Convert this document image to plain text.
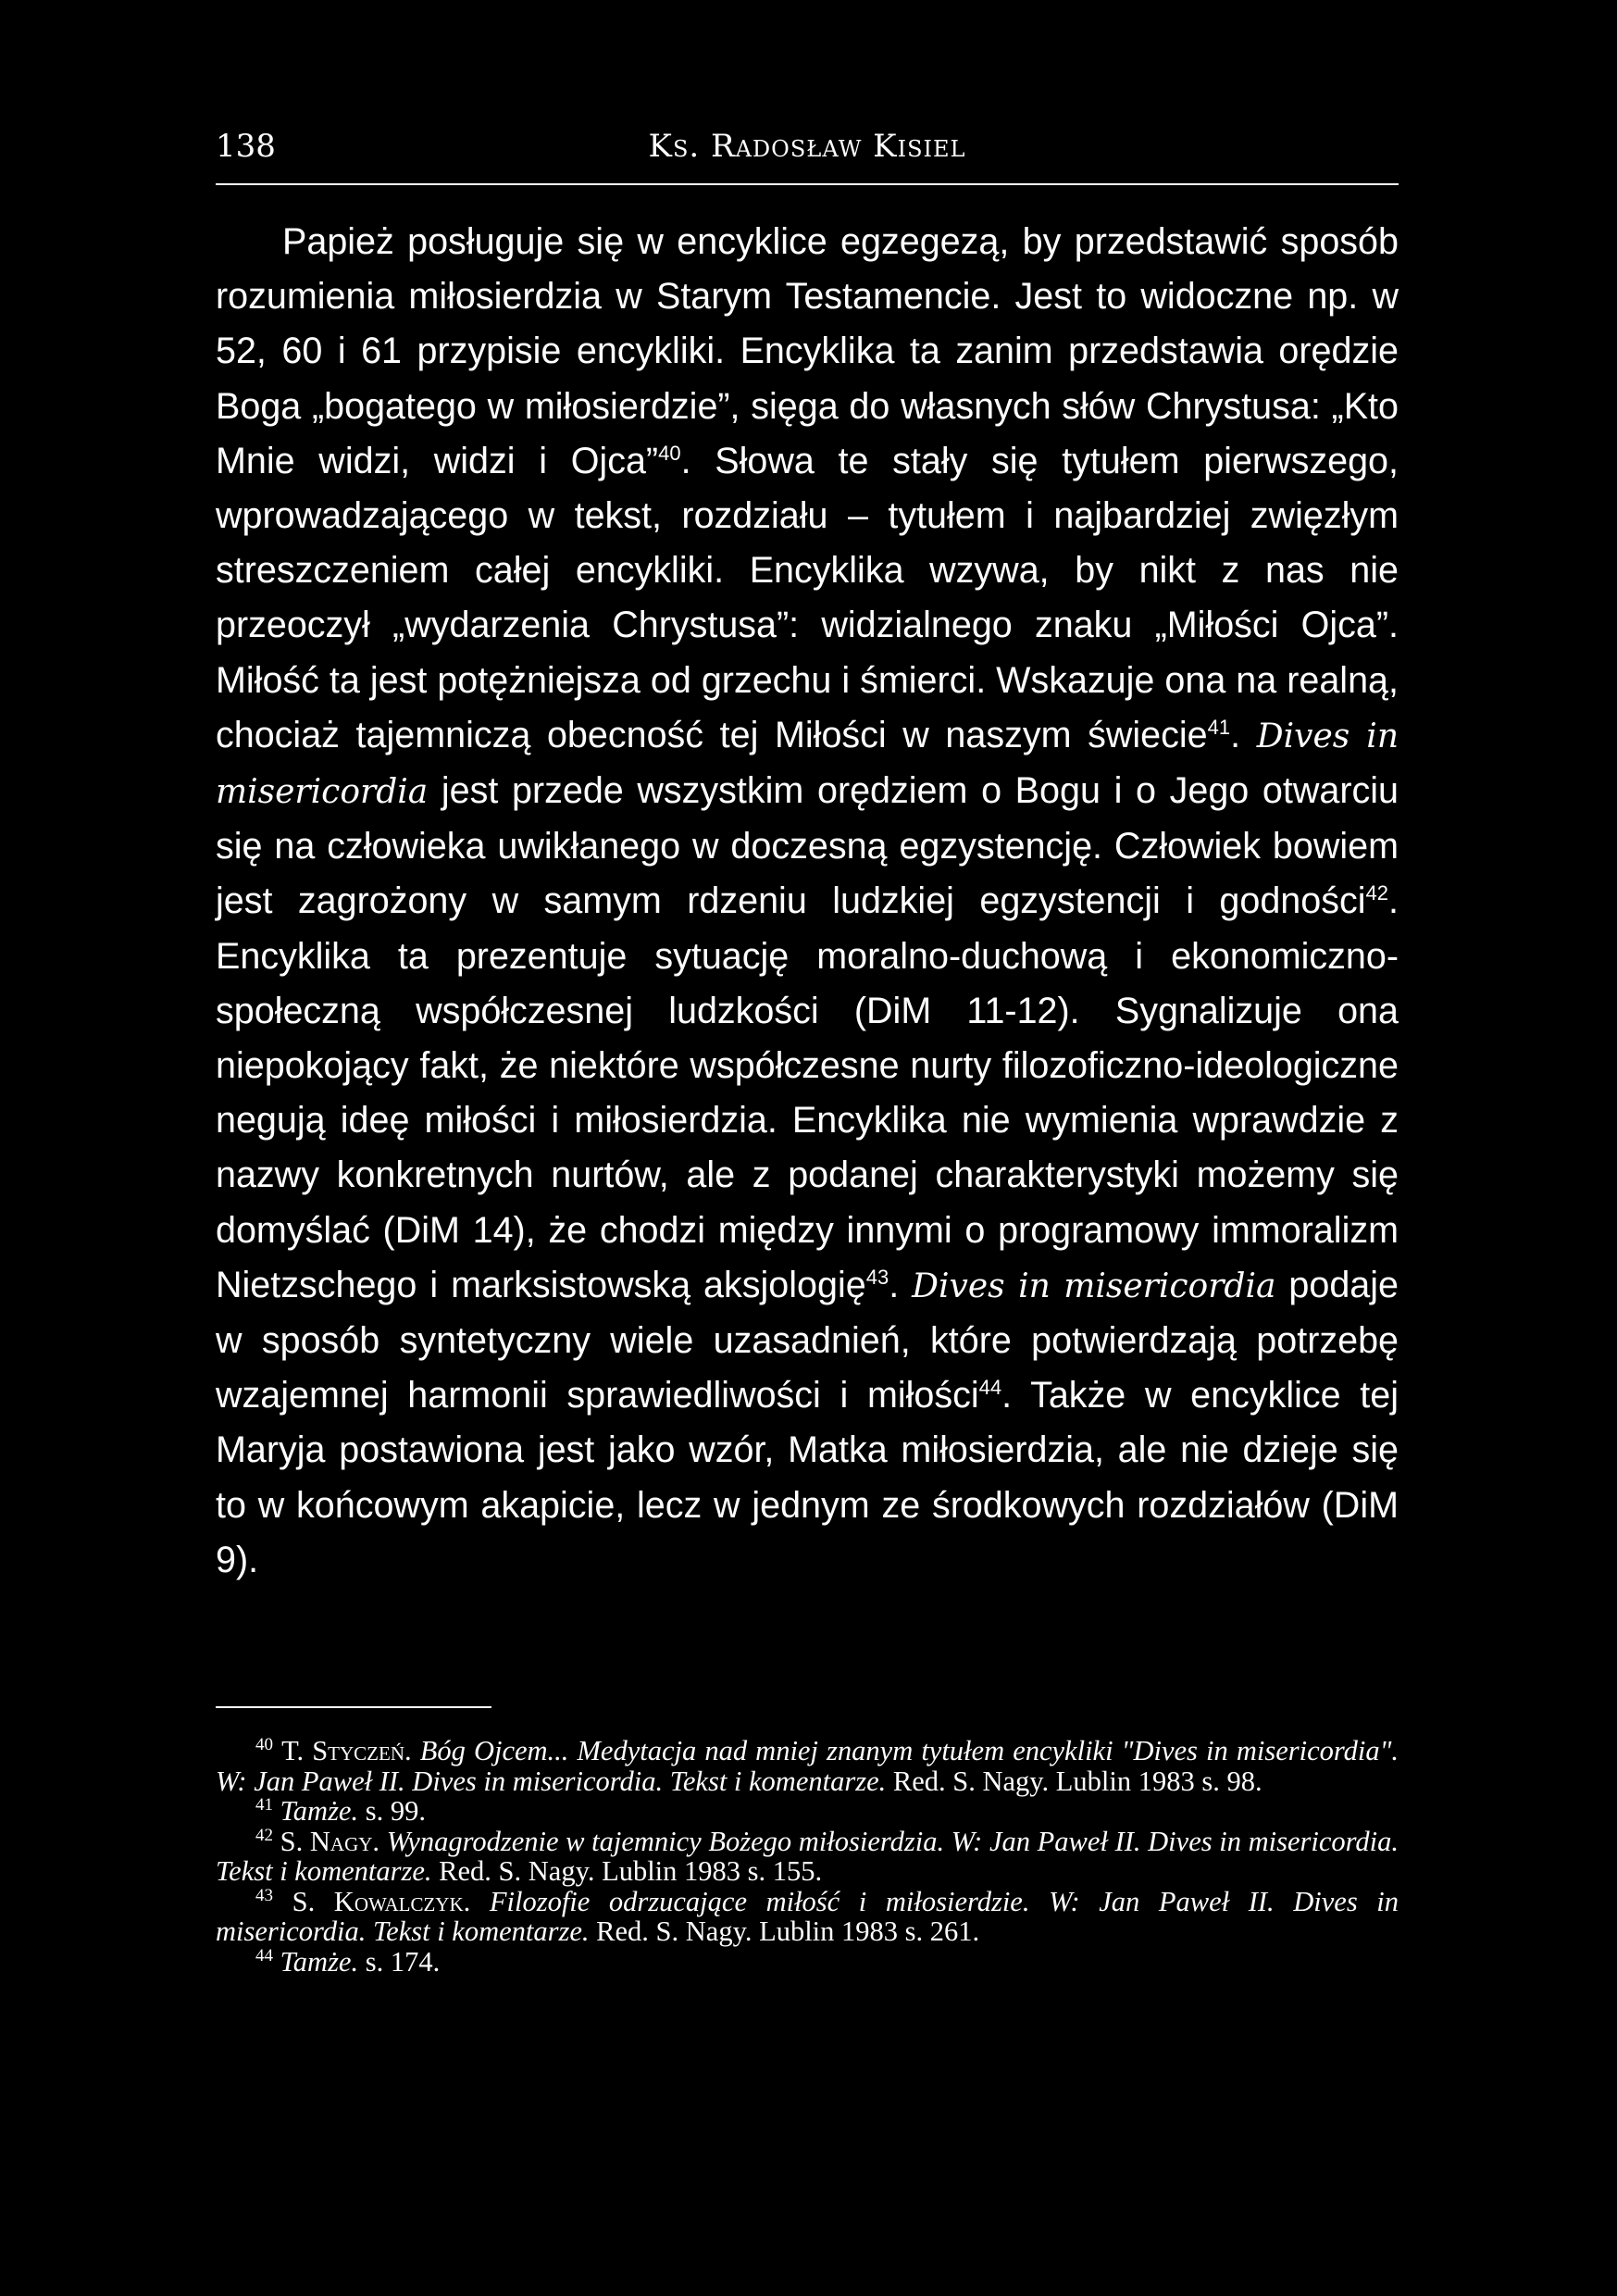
138	Ks. Radosław Kisiel
Papież posługuje się w encyklice egzegezą, by przedstawić sposób rozumienia miłosierdzia w Starym Testamencie. Jest to widoczne np. w 52, 60 i 61 przypisie encykliki. Encyklika ta zanim przedstawia orędzie Boga „bogatego w miłosierdzie”, sięga do własnych słów Chrystusa: „Kto Mnie widzi, widzi i Ojca”$^{40}$. Słowa te stały się tytułem pierwszego, wprowadzającego w tekst, rozdziału – tytułem i najbardziej zwięzłym streszczeniem całej encykliki. Encyklika wzywa, by nikt z nas nie przeoczył „wydarzenia Chrystusa”: widzialnego znaku „Miłości Ojca”. Miłość ta jest potężniejsza od grzechu i śmierci. Wskazuje ona na realną, chociaż tajemniczą obecność tej Miłości w naszym świecie$^{41}$. Dives in misericordia jest przede wszystkim orędziem o Bogu i o Jego otwarciu się na człowieka uwikłanego w doczesną egzystencję. Człowiek bowiem jest zagrożony w samym rdzeniu ludzkiej egzystencji i godności$^{42}$. Encyklika ta prezentuje sytuację moralno-duchową i ekonomiczno-społeczną współczesnej ludzkości (DiM 11-12). Sygnalizuje ona niepokojący fakt, że niektóre współczesne nurty filozoficzno-ideologiczne negują ideę miłości i miłosierdzia. Encyklika nie wymienia wprawdzie z nazwy konkretnych nurtów, ale z podanej charakterystyki możemy się domyślać (DiM 14), że chodzi między innymi o programowy immoralizm Nietzschego i marksistowską aksjologię$^{43}$. Dives in misericordia podaje w sposób syntetyczny wiele uzasadnień, które potwierdzają potrzebę wzajemnej harmonii sprawiedliwości i miłości$^{44}$. Także w encyklice tej Maryja postawiona jest jako wzór, Matka miłosierdzia, ale nie dzieje się to w końcowym akapicie, lecz w jednym ze środkowych rozdziałów (DiM 9).

$^{40}$ T. Styczeń. Bóg Ojcem... Medytacja nad mniej znanym tytułem encykliki "Dives in misericordia". W: Jan Paweł II. Dives in misericordia. Tekst i komentarze. Red. S. Nagy. Lublin 1983 s. 98.

$^{41}$ Tamże. s. 99.

$^{42}$ S. Nagy. Wynagrodzenie w tajemnicy Bożego miłosierdzia. W: Jan Paweł II. Dives in misericordia. Tekst i komentarze. Red. S. Nagy. Lublin 1983 s. 155.

$^{43}$ S. Kowalczyk. Filozofie odrzucające miłość i miłosierdzie. W: Jan Paweł II. Dives in misericordia. Tekst i komentarze. Red. S. Nagy. Lublin 1983 s. 261.

$^{44}$ Tamże. s. 174.
